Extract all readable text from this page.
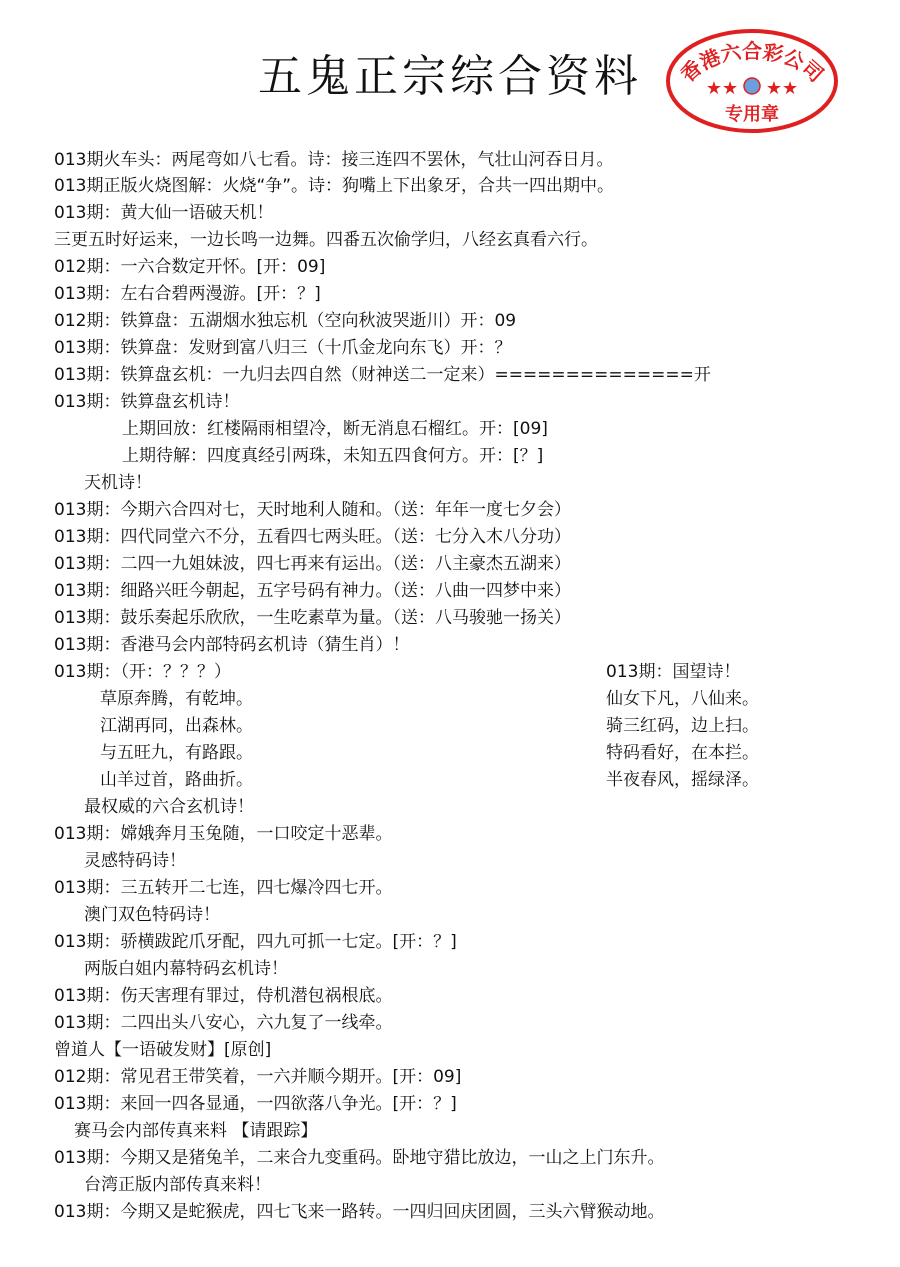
五鬼正宗综合资料	香港六合彩公司
★★ ★★
专用章
013期火车头：两尾弯如八七看。诗：接三连四不罢休，气壮山河吞日月。
013期正版火烧图解：火烧“争”。诗：狗嘴上下出象牙，合共一四出期中。
013期：黄大仙一语破天机！
三更五时好运来，一边长鸣一边舞。四番五次偷学归，八经玄真看六行。
012期：一六合数定开怀。[开：09]
013期：左右合碧两漫游。[开：？]
012期：铁算盘：五湖烟水独忘机（空向秋波哭逝川）开：09
013期：铁算盘：发财到富八归三（十爪金龙向东飞）开：？
013期：铁算盘玄机：一九归去四自然（财神送二一定来）==============开
013期：铁算盘玄机诗！
上期回放：红楼隔雨相望冷，断无消息石榴红。开：[09]
上期待解：四度真经引两珠，未知五四食何方。开：[？]
天机诗！
013期：今期六合四对七，天时地利人随和。（送：年年一度七夕会）
013期：四代同堂六不分，五看四七两头旺。（送：七分入木八分功）
013期：二四一九姐妹波，四七再来有运出。（送：八主豪杰五湖来）
013期：细路兴旺今朝起，五字号码有神力。（送：八曲一四梦中来）
013期：鼓乐奏起乐欣欣，一生吃素草为量。（送：八马骏驰一扬关）
013期：香港马会内部特码玄机诗（猜生肖）！
013期：（开：？？？）
草原奔腾，有乾坤。
江湖再同，出森林。
与五旺九，有路跟。
山羊过首，路曲折。
013期：国望诗！
仙女下凡，八仙来。
骑三红码，边上扫。
特码看好，在本拦。
半夜春风，摇绿泽。
最权威的六合玄机诗！
013期：嫦娥奔月玉兔随，一口咬定十恶辈。
灵感特码诗！
013期：三五转开二七连，四七爆冷四七开。
澳门双色特码诗！
013期：骄横跋跎爪牙配，四九可抓一七定。[开：？]
两版白姐内幕特码玄机诗！
013期：伤天害理有罪过，侍机潜包祸根底。
013期：二四出头八安心，六九复了一线牵。
曾道人【一语破发财】[原创]
012期：常见君王带笑着，一六并顺今期开。[开：09]
013期：来回一四各显通，一四欲落八争光。[开：？]
赛马会内部传真来料 【请跟踪】
013期：今期又是猪兔羊，二来合九变重码。卧地守猎比放边，一山之上门东升。
台湾正版内部传真来料！
013期：今期又是蛇猴虎，四七飞来一路转。一四归回庆团圆，三头六臂猴动地。
